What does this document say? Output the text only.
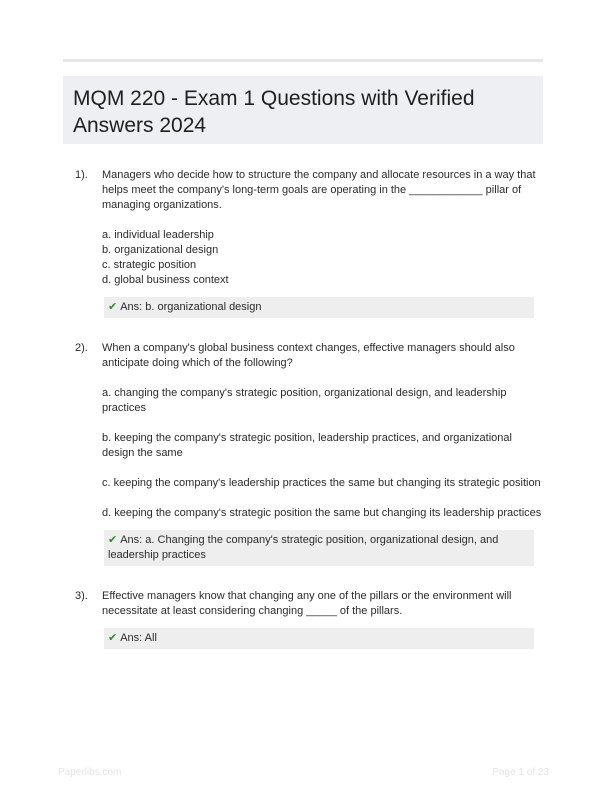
MQM 220 - Exam 1 Questions with Verified Answers 2024
1).	Managers who decide how to structure the company and allocate resources in a way that helps meet the company's long-term goals are operating in the ____________ pillar of managing organizations.
a. individual leadership
b. organizational design
c. strategic position
d. global business context
✔ Ans: b. organizational design
2).	When a company's global business context changes, effective managers should also anticipate doing which of the following?
a. changing the company's strategic position, organizational design, and leadership practices
b. keeping the company's strategic position, leadership practices, and organizational design the same
c. keeping the company's leadership practices the same but changing its strategic position
d. keeping the company's strategic position the same but changing its leadership practices
✔ Ans: a. Changing the company's strategic position, organizational design, and leadership practices
3).	Effective managers know that changing any one of the pillars or the environment will necessitate at least considering changing _____ of the pillars.
✔ Ans: All
Paperlibs.com	Page 1 of 23
